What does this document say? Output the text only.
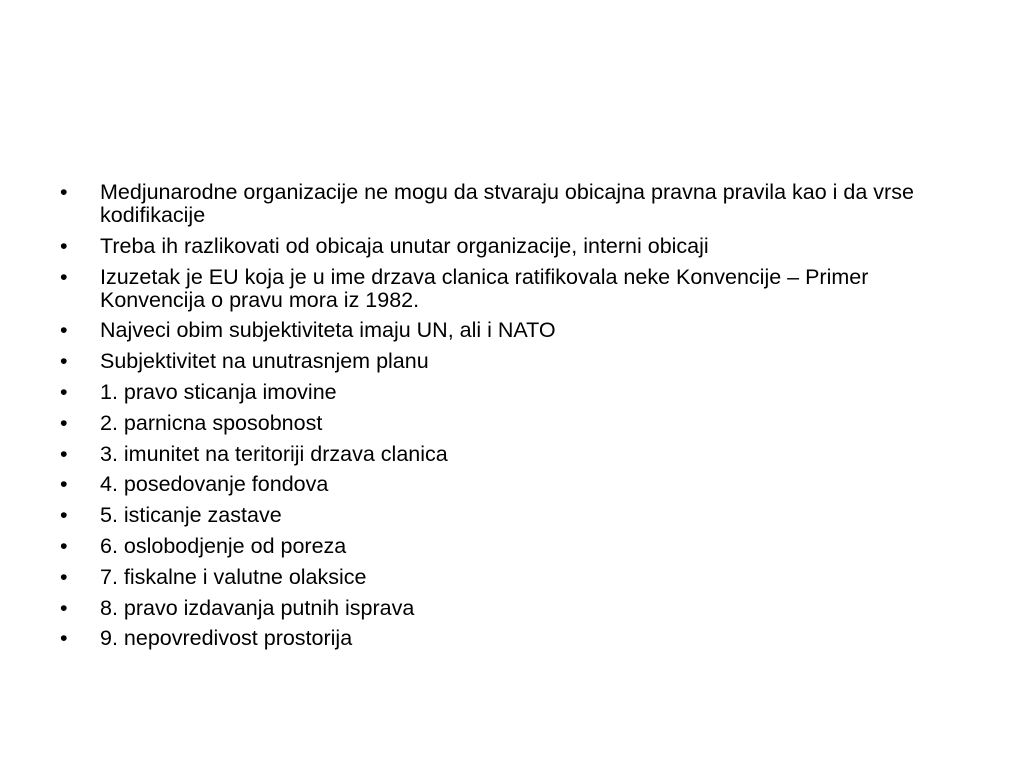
•	Medjunarodne organizacije ne mogu da stvaraju obicajna pravna pravila kao i da vrse kodifikacije
•	Treba ih razlikovati od obicaja unutar organizacije, interni obicaji
•	Izuzetak je EU koja je u ime drzava clanica ratifikovala neke Konvencije – Primer Konvencija o pravu mora iz 1982.
•	Najveci obim subjektiviteta imaju UN, ali i NATO
•	Subjektivitet na unutrasnjem planu
•	1. pravo sticanja imovine
•	2. parnicna sposobnost
•	3. imunitet na teritoriji drzava clanica
•	4. posedovanje fondova
•	5. isticanje zastave
•	6. oslobodjenje od poreza
•	7. fiskalne i valutne olaksice
•	8. pravo izdavanja putnih isprava
•	9. nepovredivost prostorija
